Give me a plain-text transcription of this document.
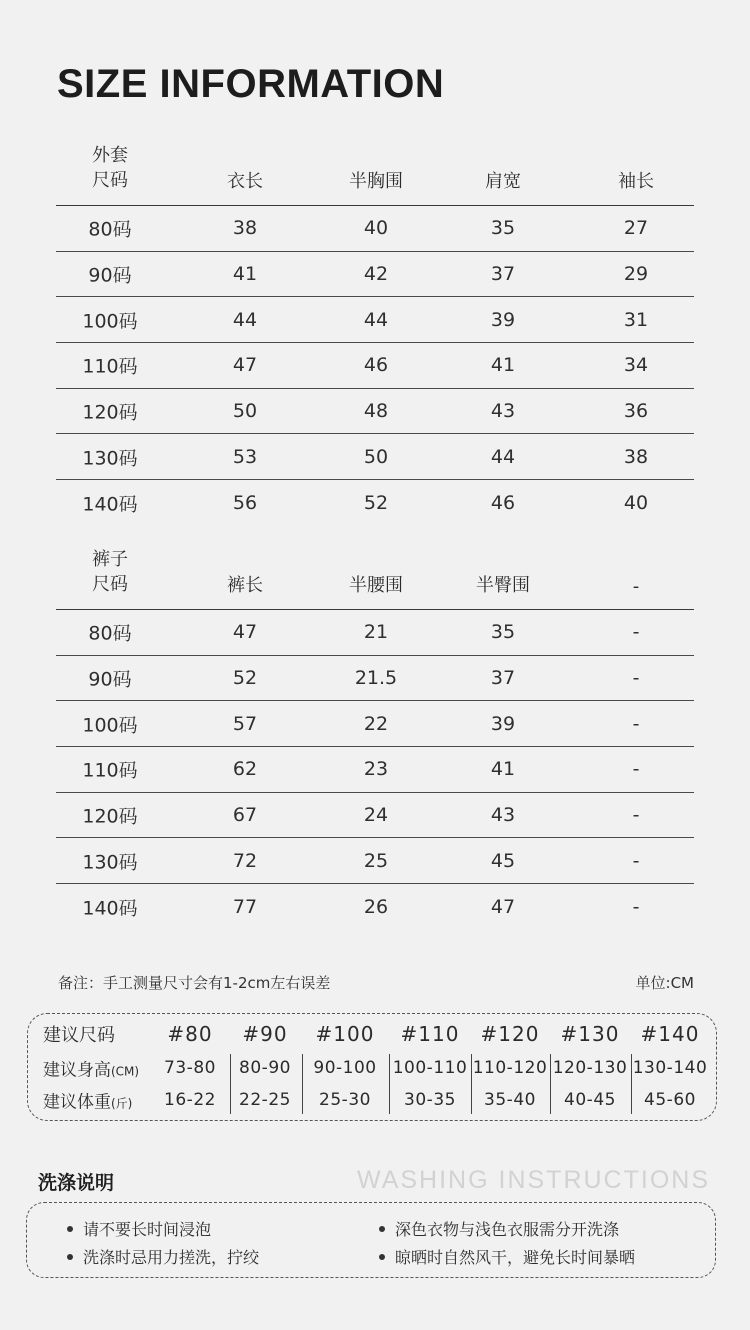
SIZE INFORMATION
外套
尺码	衣长	半胸围	肩宽	袖长
80码	38	40	35	27
90码	41	42	37	29
100码	44	44	39	31
110码	47	46	41	34
120码	50	48	43	36
130码	53	50	44	38
140码	56	52	46	40
裤子
尺码	裤长	半腰围	半臀围	-
80码	47	21	35	-
90码	52	21.5	37	-
100码	57	22	39	-
110码	62	23	41	-
120码	67	24	43	-
130码	72	25	45	-
140码	77	26	47	-
备注：手工测量尺寸会有1-2cm左右误差	单位:CM
建议尺码	#80 #90 #100 #110 #120 #130 #140
建议身高(CM) 73-80 80-90 90-100 100-110 110-120 120-130 130-140
建议体重(斤) 16-22 22-25 25-30 30-35 35-40 40-45 45-60
洗涤说明	WASHING INSTRUCTIONS
请不要长时间浸泡	深色衣物与浅色衣服需分开洗涤
洗涤时忌用力搓洗，拧绞	晾晒时自然风干，避免长时间暴晒
